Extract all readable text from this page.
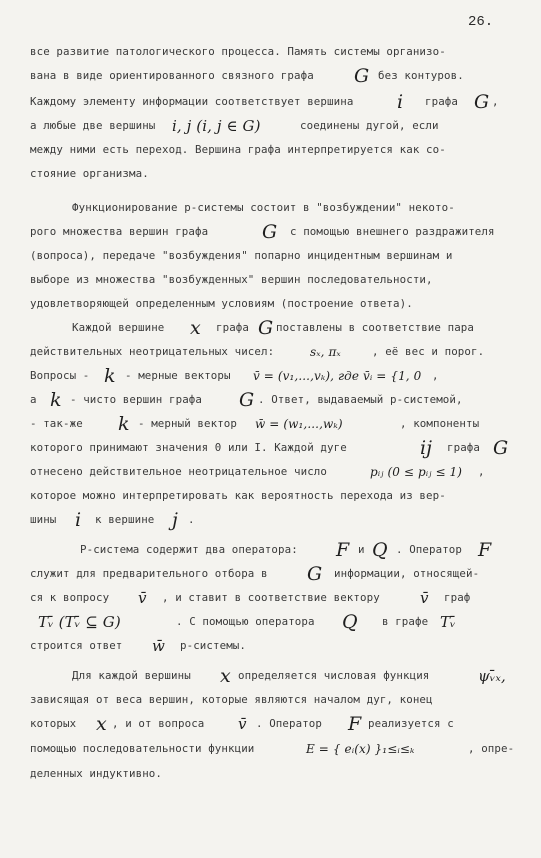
26.
все развитие патологического процесса. Память системы организо-
вана в виде ориентированного связного графа G без контуров.
Каждому элементу информации соответствует вершина i графа G ,
а любые две вершины i, j (i, j ∈ G)	соединены дугой, если
между ними есть переход. Вершина графа интерпретируется как со-
стояние организма.
Функционирование р-системы состоит в "возбуждении" некото-
рого множества вершин графа	G с помощью внешнего раздражителя
(вопроса), передаче "возбуждения" попарно инцидентным вершинам и
выборе из множества "возбужденных" вершин последовательности,
удовлетворяющей определенным условиям (построение ответа).
Каждой вершине x графа G поставлены в соответствие пара
действительных неотрицательных чисел:	sₓ, πₓ	, её вес и порог.
Вопросы - k - мерные векторы v̄ = (v₁,...,vₖ), где v̄ᵢ = {1, 0 ,
а k - чисто вершин графа G . Ответ, выдаваемый р-системой,
- так-же k - мерный вектор w̄ = (w₁,...,wₖ)	, компоненты
которого принимают значения 0 или I. Каждой дуге	ij графа G
отнесено действительное неотрицательное число	pᵢⱼ (0 ≤ pᵢⱼ ≤ 1) ,
которое можно интерпретировать как вероятность перехода из вер-
шины i к вершине j .
Р-система содержит два оператора: F и Q . Оператор F
служит для предварительного отбора в G информации, относящей-
ся к вопросу v̄ , и ставит в соответствие вектору	v̄ граф
Tᵥ̄ (Tᵥ̄ ⊆ G)	. С помощью оператора Q в графе Tᵥ̄
строится ответ w̄ р-системы.
Для каждой вершины x определяется числовая функция	ψᵥ̄ₓ,
зависящая от веса вершин, которые являются началом дуг, конец
которых x , и от вопроса v̄ . Оператор F реализуется с
помощью последовательности функции	E = { eᵢ(x) }₁≤ᵢ≤ₖ	, опре-
деленных индуктивно.
